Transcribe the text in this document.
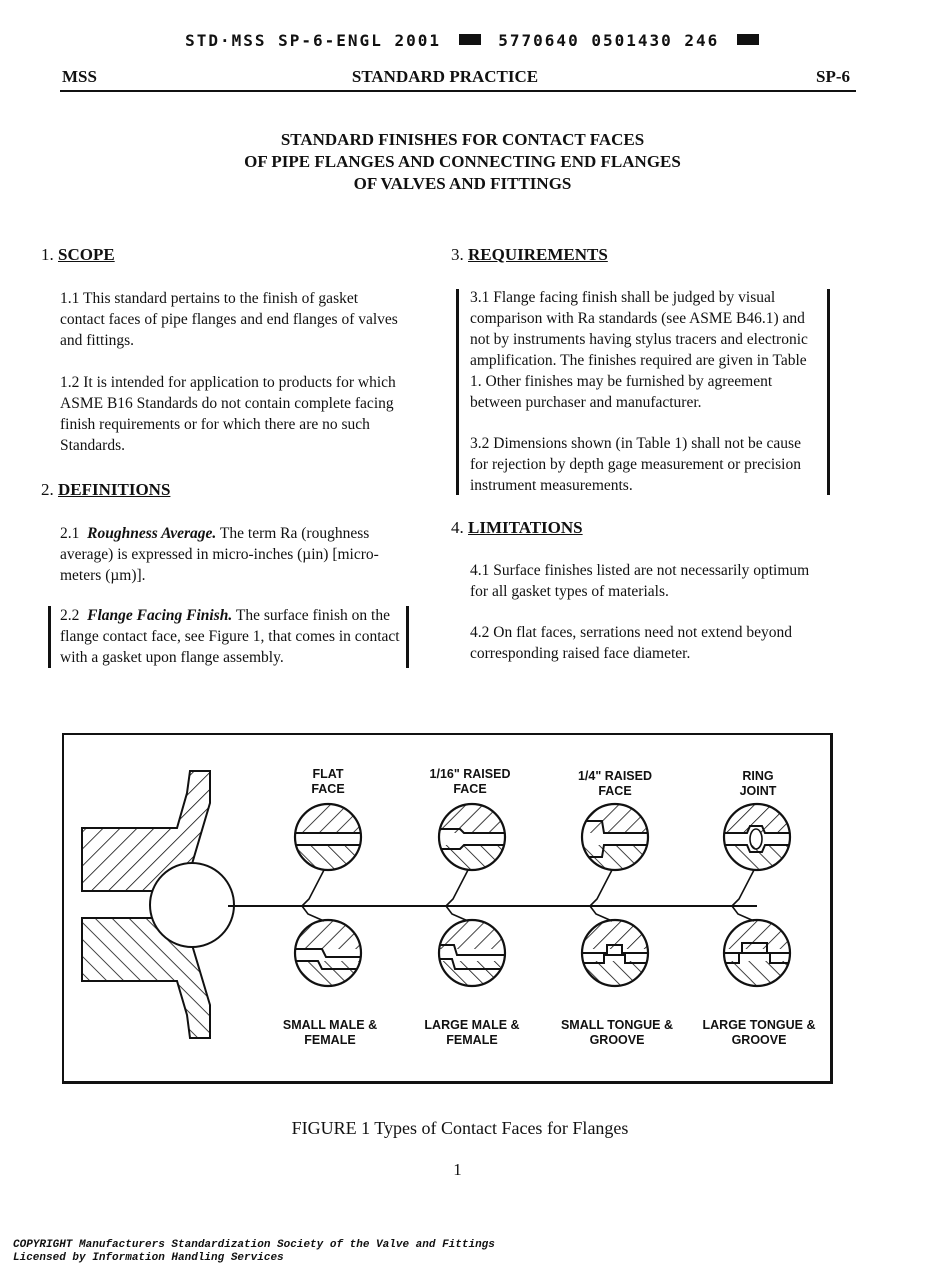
STD·MSS SP-6-ENGL 2001	5770640 0501430 246
MSS	STANDARD PRACTICE	SP-6
STANDARD FINISHES FOR CONTACT FACES
OF PIPE FLANGES AND CONNECTING END FLANGES
OF VALVES AND FITTINGS
1. SCOPE
1.1 This standard pertains to the finish of gasket contact faces of pipe flanges and end flanges of valves and fittings.
1.2 It is intended for application to products for which ASME B16 Standards do not contain complete facing finish requirements or for which there are no such Standards.
2. DEFINITIONS
2.1 Roughness Average. The term Ra (roughness average) is expressed in micro-inches (µin) [micro-meters (µm)].
2.2 Flange Facing Finish. The surface finish on the flange contact face, see Figure 1, that comes in contact with a gasket upon flange assembly.
3. REQUIREMENTS
3.1 Flange facing finish shall be judged by visual comparison with Ra standards (see ASME B46.1) and not by instruments having stylus tracers and electronic amplification. The finishes required are given in Table 1. Other finishes may be furnished by agreement between purchaser and manufacturer.
3.2 Dimensions shown (in Table 1) shall not be cause for rejection by depth gage measurement or precision instrument measurements.
4. LIMITATIONS
4.1 Surface finishes listed are not necessarily optimum for all gasket types of materials.
4.2 On flat faces, serrations need not extend beyond corresponding raised face diameter.
FLAT
FACE
1/16" RAISED
FACE
1/4" RAISED
FACE
RING
JOINT
SMALL MALE &
FEMALE
LARGE MALE &
FEMALE
SMALL TONGUE &
GROOVE
LARGE TONGUE &
GROOVE
FIGURE 1 Types of Contact Faces for Flanges
1
COPYRIGHT Manufacturers Standardization Society of the Valve and Fittings
Licensed by Information Handling Services
